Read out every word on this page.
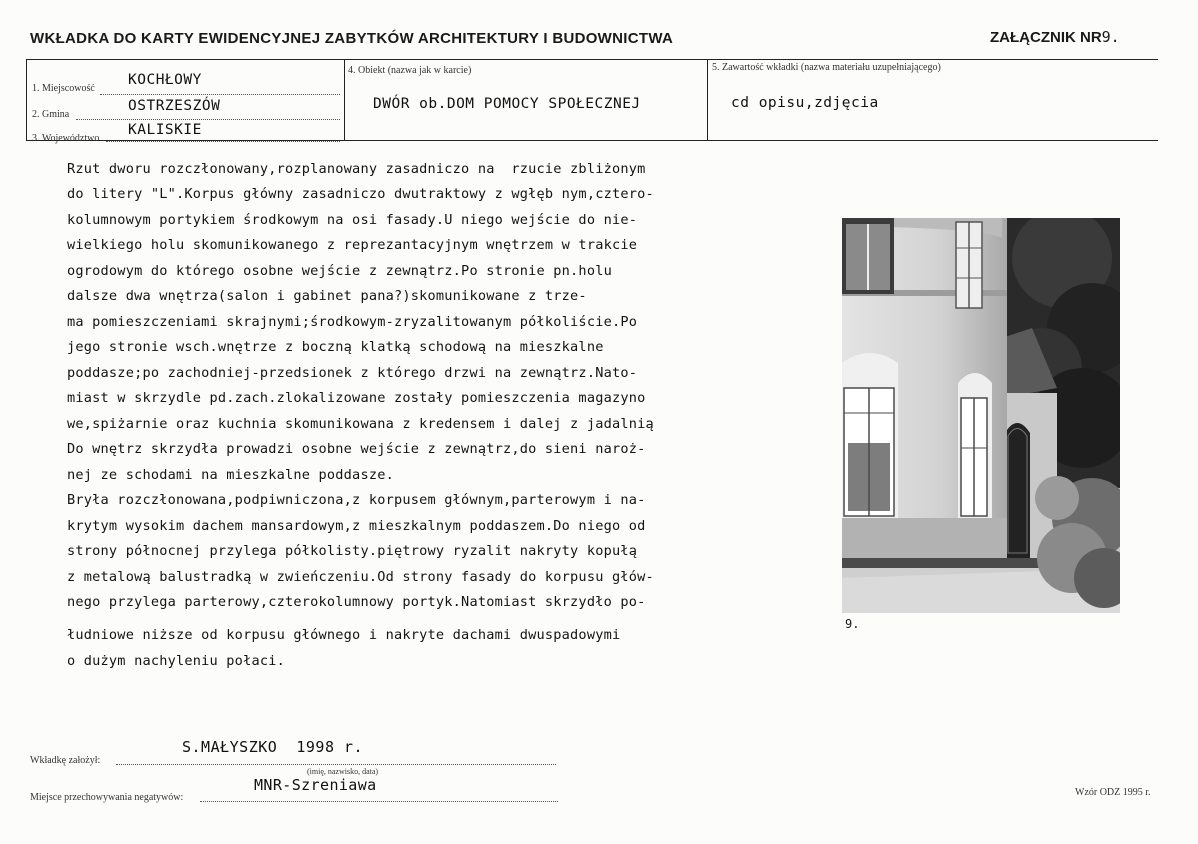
WKŁADKA DO KARTY EWIDENCYJNEJ ZABYTKÓW ARCHITEKTURY I BUDOWNICTWA	ZAŁĄCZNIK NR9.
1. Miejscowość
KOCHŁOWY
2. Gmina
OSTRZESZÓW
3. Województwo
KALISKIE
4. Obiekt (nazwa jak w karcie)
DWÓR ob.DOM POMOCY SPOŁECZNEJ
5. Zawartość wkładki (nazwa materiału uzupełniającego)
cd opisu,zdjęcia
Rzut dworu rozczłonowany,rozplanowany zasadniczo na  rzucie zbliżonym
do litery "L".Korpus główny zasadniczo dwutraktowy z wgłęb nym,cztero-
kolumnowym portykiem środkowym na osi fasady.U niego wejście do nie-
wielkiego holu skomunikowanego z reprezantacyjnym wnętrzem w trakcie
ogrodowym do którego osobne wejście z zewnątrz.Po stronie pn.holu
dalsze dwa wnętrza(salon i gabinet pana?)skomunikowane z trze-
ma pomieszczeniami skrajnymi;środkowym-zryzalitowanym półkoliście.Po
jego stronie wsch.wnętrze z boczną klatką schodową na mieszkalne
poddasze;po zachodniej-przedsionek z którego drzwi na zewnątrz.Nato-
miast w skrzydle pd.zach.zlokalizowane zostały pomieszczenia magazyno
we,spiżarnie oraz kuchnia skomunikowana z kredensem i dalej z jadalnią
Do wnętrz skrzydła prowadzi osobne wejście z zewnątrz,do sieni naroż-
nej ze schodami na mieszkalne poddasze.
Bryła rozczłonowana,podpiwniczona,z korpusem głównym,parterowym i na-
krytym wysokim dachem mansardowym,z mieszkalnym poddaszem.Do niego od
strony północnej przylega półkolisty.piętrowy ryzalit nakryty kopułą
z metalową balustradką w zwieńczeniu.Od strony fasady do korpusu głów-
nego przylega parterowy,czterokolumnowy portyk.Natomiast skrzydło po-
łudniowe niższe od korpusu głównego i nakryte dachami dwuspadowymi
o dużym nachyleniu połaci.
9.
Wkładkę założył:
S.MAŁYSZKO  1998 r.
(imię, nazwisko, data)
Miejsce przechowywania negatywów:
MNR-Szreniawa	Wzór ODZ 1995 r.
